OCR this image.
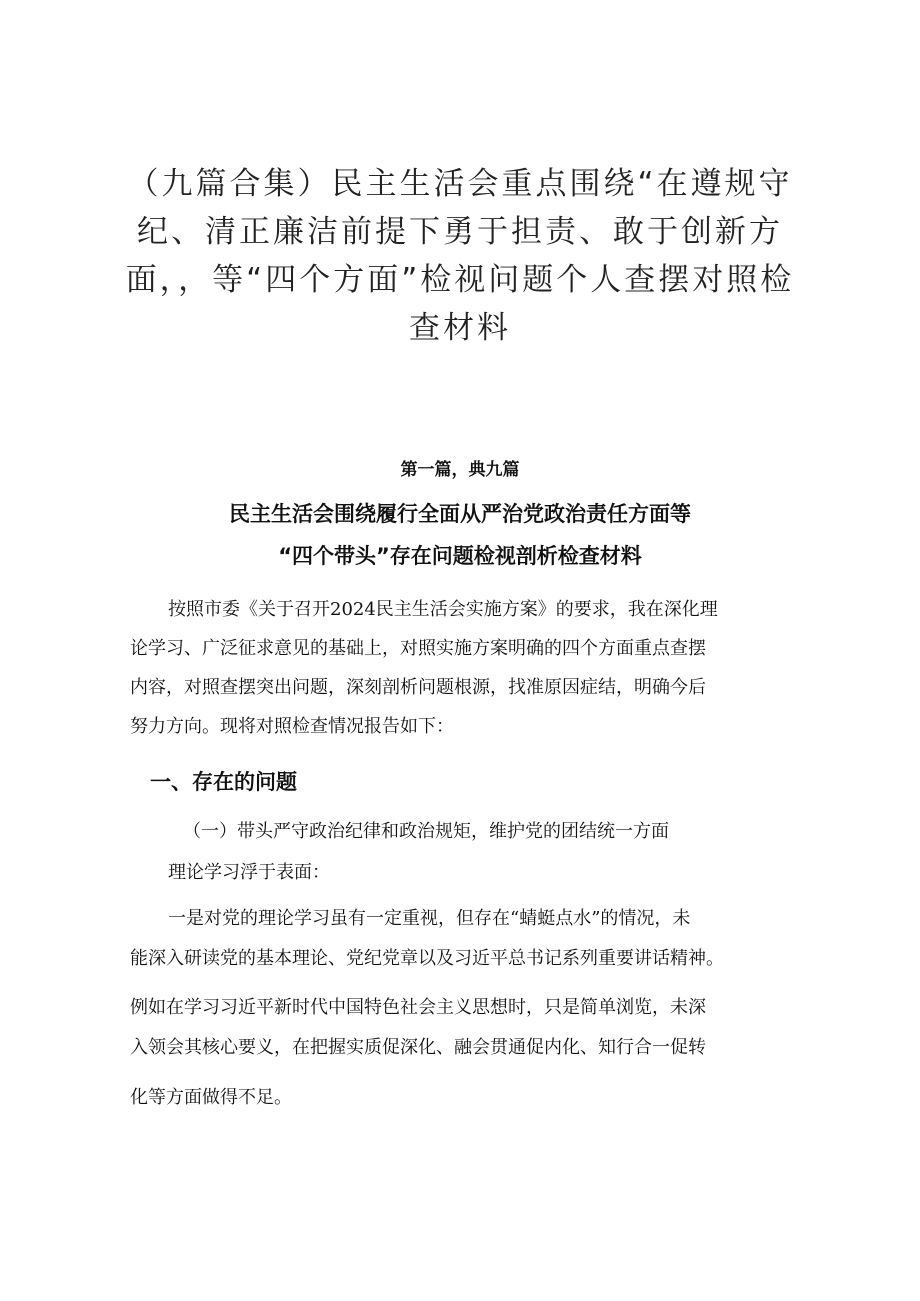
（九篇合集）民主生活会重点围绕“在遵规守
纪、清正廉洁前提下勇于担责、敢于创新方
面，，等“四个方面”检视问题个人查摆对照检
查材料
第一篇，典九篇
民主生活会围绕履行全面从严治党政治责任方面等
“四个带头”存在问题检视剖析检查材料
按照市委《关于召开2024民主生活会实施方案》的要求，我在深化理
论学习、广泛征求意见的基础上，对照实施方案明确的四个方面重点查摆
内容，对照查摆突出问题，深刻剖析问题根源，找准原因症结，明确今后
努力方向。现将对照检查情况报告如下：
一、存在的问题
（一）带头严守政治纪律和政治规矩，维护党的团结统一方面
理论学习浮于表面：
一是对党的理论学习虽有一定重视，但存在“蜻蜓点水”的情况，未
能深入研读党的基本理论、党纪党章以及习近平总书记系列重要讲话精神。
例如在学习习近平新时代中国特色社会主义思想时，只是简单浏览，未深
入领会其核心要义，在把握实质促深化、融会贯通促内化、知行合一促转
化等方面做得不足。
